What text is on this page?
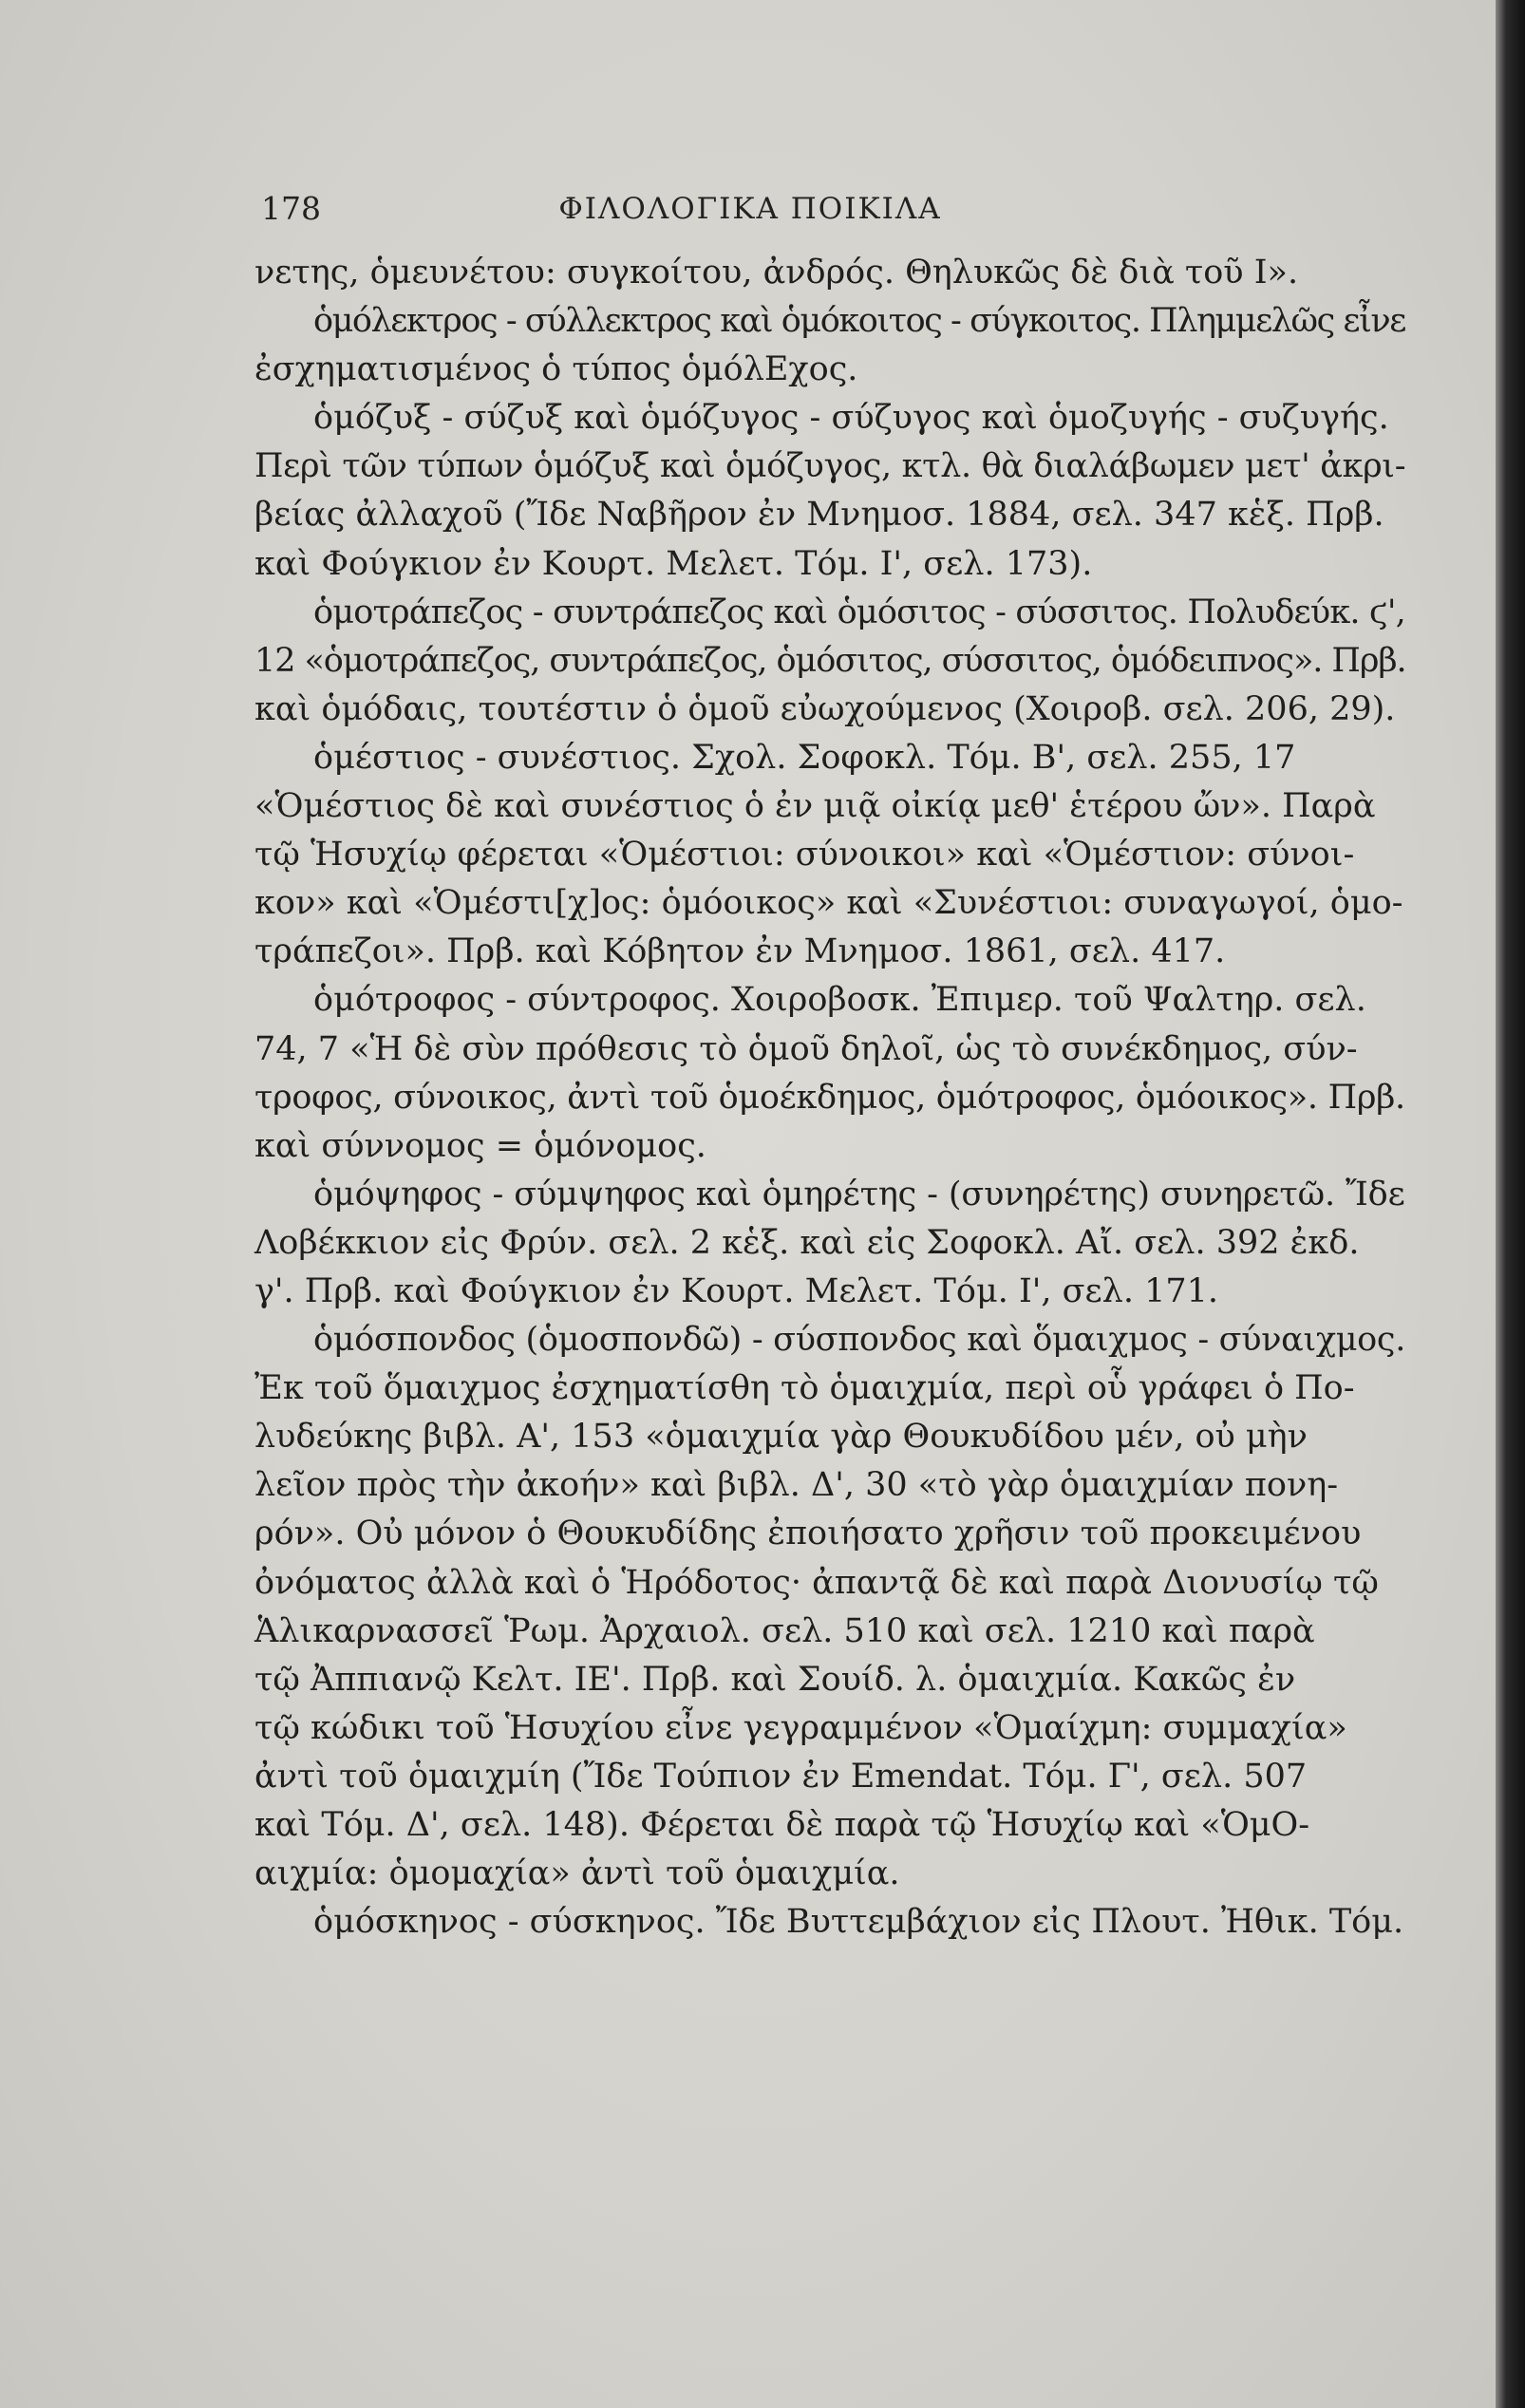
178	ΦΙΛΟΛΟΓΙΚΑ ΠΟΙΚΙΛΑ
νετης, ὁμευνέτου: συγκοίτου, ἀνδρός. Θηλυκῶς δὲ διὰ τοῦ Ι».
ὁμόλεκτρος - σύλλεκτρος καὶ ὁμόκοιτος - σύγκοιτος. Πλημμελῶς εἶνε
ἐσχηματισμένος ὁ τύπος ὁμόλΕχος.
ὁμόζυξ - σύζυξ καὶ ὁμόζυγος - σύζυγος καὶ ὁμοζυγής - συζυγής.
Περὶ τῶν τύπων ὁμόζυξ καὶ ὁμόζυγος, κτλ. θὰ διαλάβωμεν μετ' ἀκρι-
βείας ἀλλαχοῦ (Ἴδε Ναβῆρον ἐν Μνημοσ. 1884, σελ. 347 κἑξ. Πρβ.
καὶ Φούγκιον ἐν Κουρτ. Μελετ. Τόμ. Ι', σελ. 173).
ὁμοτράπεζος - συντράπεζος καὶ ὁμόσιτος - σύσσιτος. Πολυδεύκ. ϛ',
12 «ὁμοτράπεζος, συντράπεζος, ὁμόσιτος, σύσσιτος, ὁμόδειπνος». Πρβ.
καὶ ὁμόδαις, τουτέστιν ὁ ὁμοῦ εὐωχούμενος (Χοιροβ. σελ. 206, 29).
ὁμέστιος - συνέστιος. Σχολ. Σοφοκλ. Τόμ. Β', σελ. 255, 17
«Ὁμέστιος δὲ καὶ συνέστιος ὁ ἐν μιᾷ οἰκίᾳ μεθ' ἑτέρου ὤν». Παρὰ
τῷ Ἡσυχίῳ φέρεται «Ὁμέστιοι: σύνοικοι» καὶ «Ὁμέστιον: σύνοι-
κον» καὶ «Ὁμέστι[χ]ος: ὁμόοικος» καὶ «Συνέστιοι: συναγωγοί, ὁμο-
τράπεζοι». Πρβ. καὶ Κόβητον ἐν Μνημοσ. 1861, σελ. 417.
ὁμότροφος - σύντροφος. Χοιροβοσκ. Ἐπιμερ. τοῦ Ψαλτηρ. σελ.
74, 7 «Ἡ δὲ σὺν πρόθεσις τὸ ὁμοῦ δηλοῖ, ὡς τὸ συνέκδημος, σύν-
τροφος, σύνοικος, ἀντὶ τοῦ ὁμοέκδημος, ὁμότροφος, ὁμόοικος». Πρβ.
καὶ σύννομος = ὁμόνομος.
ὁμόψηφος - σύμψηφος καὶ ὁμηρέτης - (συνηρέτης) συνηρετῶ. Ἴδε
Λοβέκκιον εἰς Φρύν. σελ. 2 κἑξ. καὶ εἰς Σοφοκλ. Αἴ. σελ. 392 ἐκδ.
γ'. Πρβ. καὶ Φούγκιον ἐν Κουρτ. Μελετ. Τόμ. Ι', σελ. 171.
ὁμόσπονδος (ὁμοσπονδῶ) - σύσπονδος καὶ ὅμαιχμος - σύναιχμος.
Ἐκ τοῦ ὅμαιχμος ἐσχηματίσθη τὸ ὁμαιχμία, περὶ οὗ γράφει ὁ Πο-
λυδεύκης βιβλ. Α', 153 «ὁμαιχμία γὰρ Θουκυδίδου μέν, οὐ μὴν
λεῖον πρὸς τὴν ἀκοήν» καὶ βιβλ. Δ', 30 «τὸ γὰρ ὁμαιχμίαν πονη-
ρόν». Οὐ μόνον ὁ Θουκυδίδης ἐποιήσατο χρῆσιν τοῦ προκειμένου
ὀνόματος ἀλλὰ καὶ ὁ Ἡρόδοτος· ἀπαντᾷ δὲ καὶ παρὰ Διονυσίῳ τῷ
Ἁλικαρνασσεῖ Ῥωμ. Ἀρχαιολ. σελ. 510 καὶ σελ. 1210 καὶ παρὰ
τῷ Ἀππιανῷ Κελτ. ΙΕ'. Πρβ. καὶ Σουίδ. λ. ὁμαιχμία. Κακῶς ἐν
τῷ κώδικι τοῦ Ἡσυχίου εἶνε γεγραμμένον «Ὁμαίχμη: συμμαχία»
ἀντὶ τοῦ ὁμαιχμίη (Ἴδε Τούπιον ἐν Emendat. Τόμ. Γ', σελ. 507
καὶ Τόμ. Δ', σελ. 148). Φέρεται δὲ παρὰ τῷ Ἡσυχίῳ καὶ «ὉμΟ-
αιχμία: ὁμομαχία» ἀντὶ τοῦ ὁμαιχμία.
ὁμόσκηνος - σύσκηνος. Ἴδε Βυττεμβάχιον εἰς Πλουτ. Ἠθικ. Τόμ.
